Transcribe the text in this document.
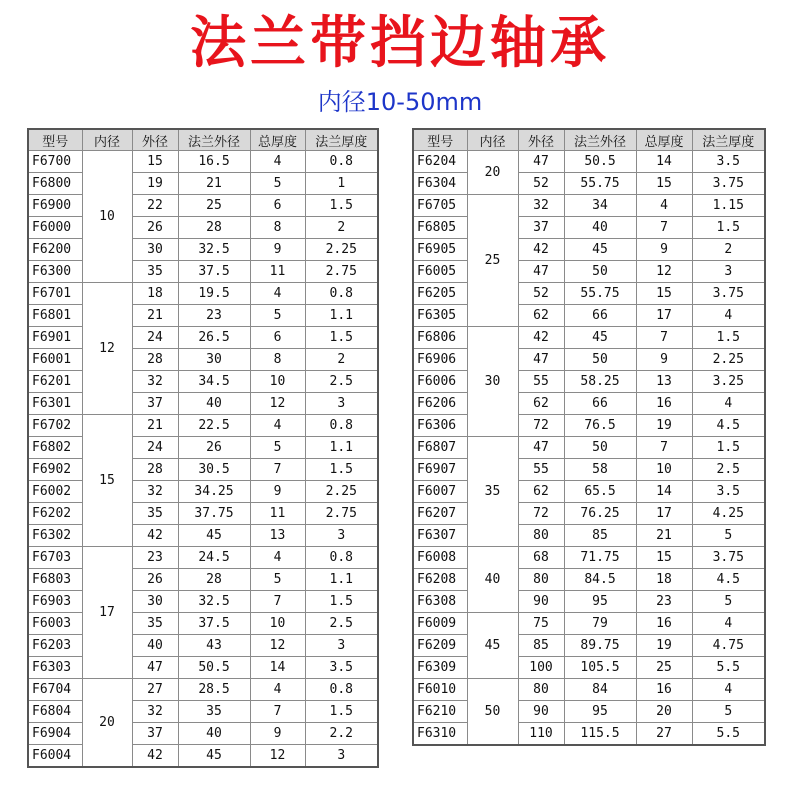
法兰带挡边轴承
内径10-50mm
型号	内径	外径	法兰外径	总厚度	法兰厚度
F6700	10	15	16.5	4	0.8
F6800		19	21	5	1
F6900		22	25	6	1.5
F6000		26	28	8	2
F6200		30	32.5	9	2.25
F6300		35	37.5	11	2.75
F6701	12	18	19.5	4	0.8
F6801		21	23	5	1.1
F6901		24	26.5	6	1.5
F6001		28	30	8	2
F6201		32	34.5	10	2.5
F6301		37	40	12	3
F6702	15	21	22.5	4	0.8
F6802		24	26	5	1.1
F6902		28	30.5	7	1.5
F6002		32	34.25	9	2.25
F6202		35	37.75	11	2.75
F6302		42	45	13	3
F6703	17	23	24.5	4	0.8
F6803		26	28	5	1.1
F6903		30	32.5	7	1.5
F6003		35	37.5	10	2.5
F6203		40	43	12	3
F6303		47	50.5	14	3.5
F6704	20	27	28.5	4	0.8
F6804		32	35	7	1.5
F6904		37	40	9	2.2
F6004		42	45	12	3
型号	内径	外径	法兰外径	总厚度	法兰厚度
F6204	20	47	50.5	14	3.5
F6304		52	55.75	15	3.75
F6705	25	32	34	4	1.15
F6805		37	40	7	1.5
F6905		42	45	9	2
F6005		47	50	12	3
F6205		52	55.75	15	3.75
F6305		62	66	17	4
F6806	30	42	45	7	1.5
F6906		47	50	9	2.25
F6006		55	58.25	13	3.25
F6206		62	66	16	4
F6306		72	76.5	19	4.5
F6807	35	47	50	7	1.5
F6907		55	58	10	2.5
F6007		62	65.5	14	3.5
F6207		72	76.25	17	4.25
F6307		80	85	21	5
F6008	40	68	71.75	15	3.75
F6208		80	84.5	18	4.5
F6308		90	95	23	5
F6009	45	75	79	16	4
F6209		85	89.75	19	4.75
F6309		100	105.5	25	5.5
F6010	50	80	84	16	4
F6210		90	95	20	5
F6310		110	115.5	27	5.5
